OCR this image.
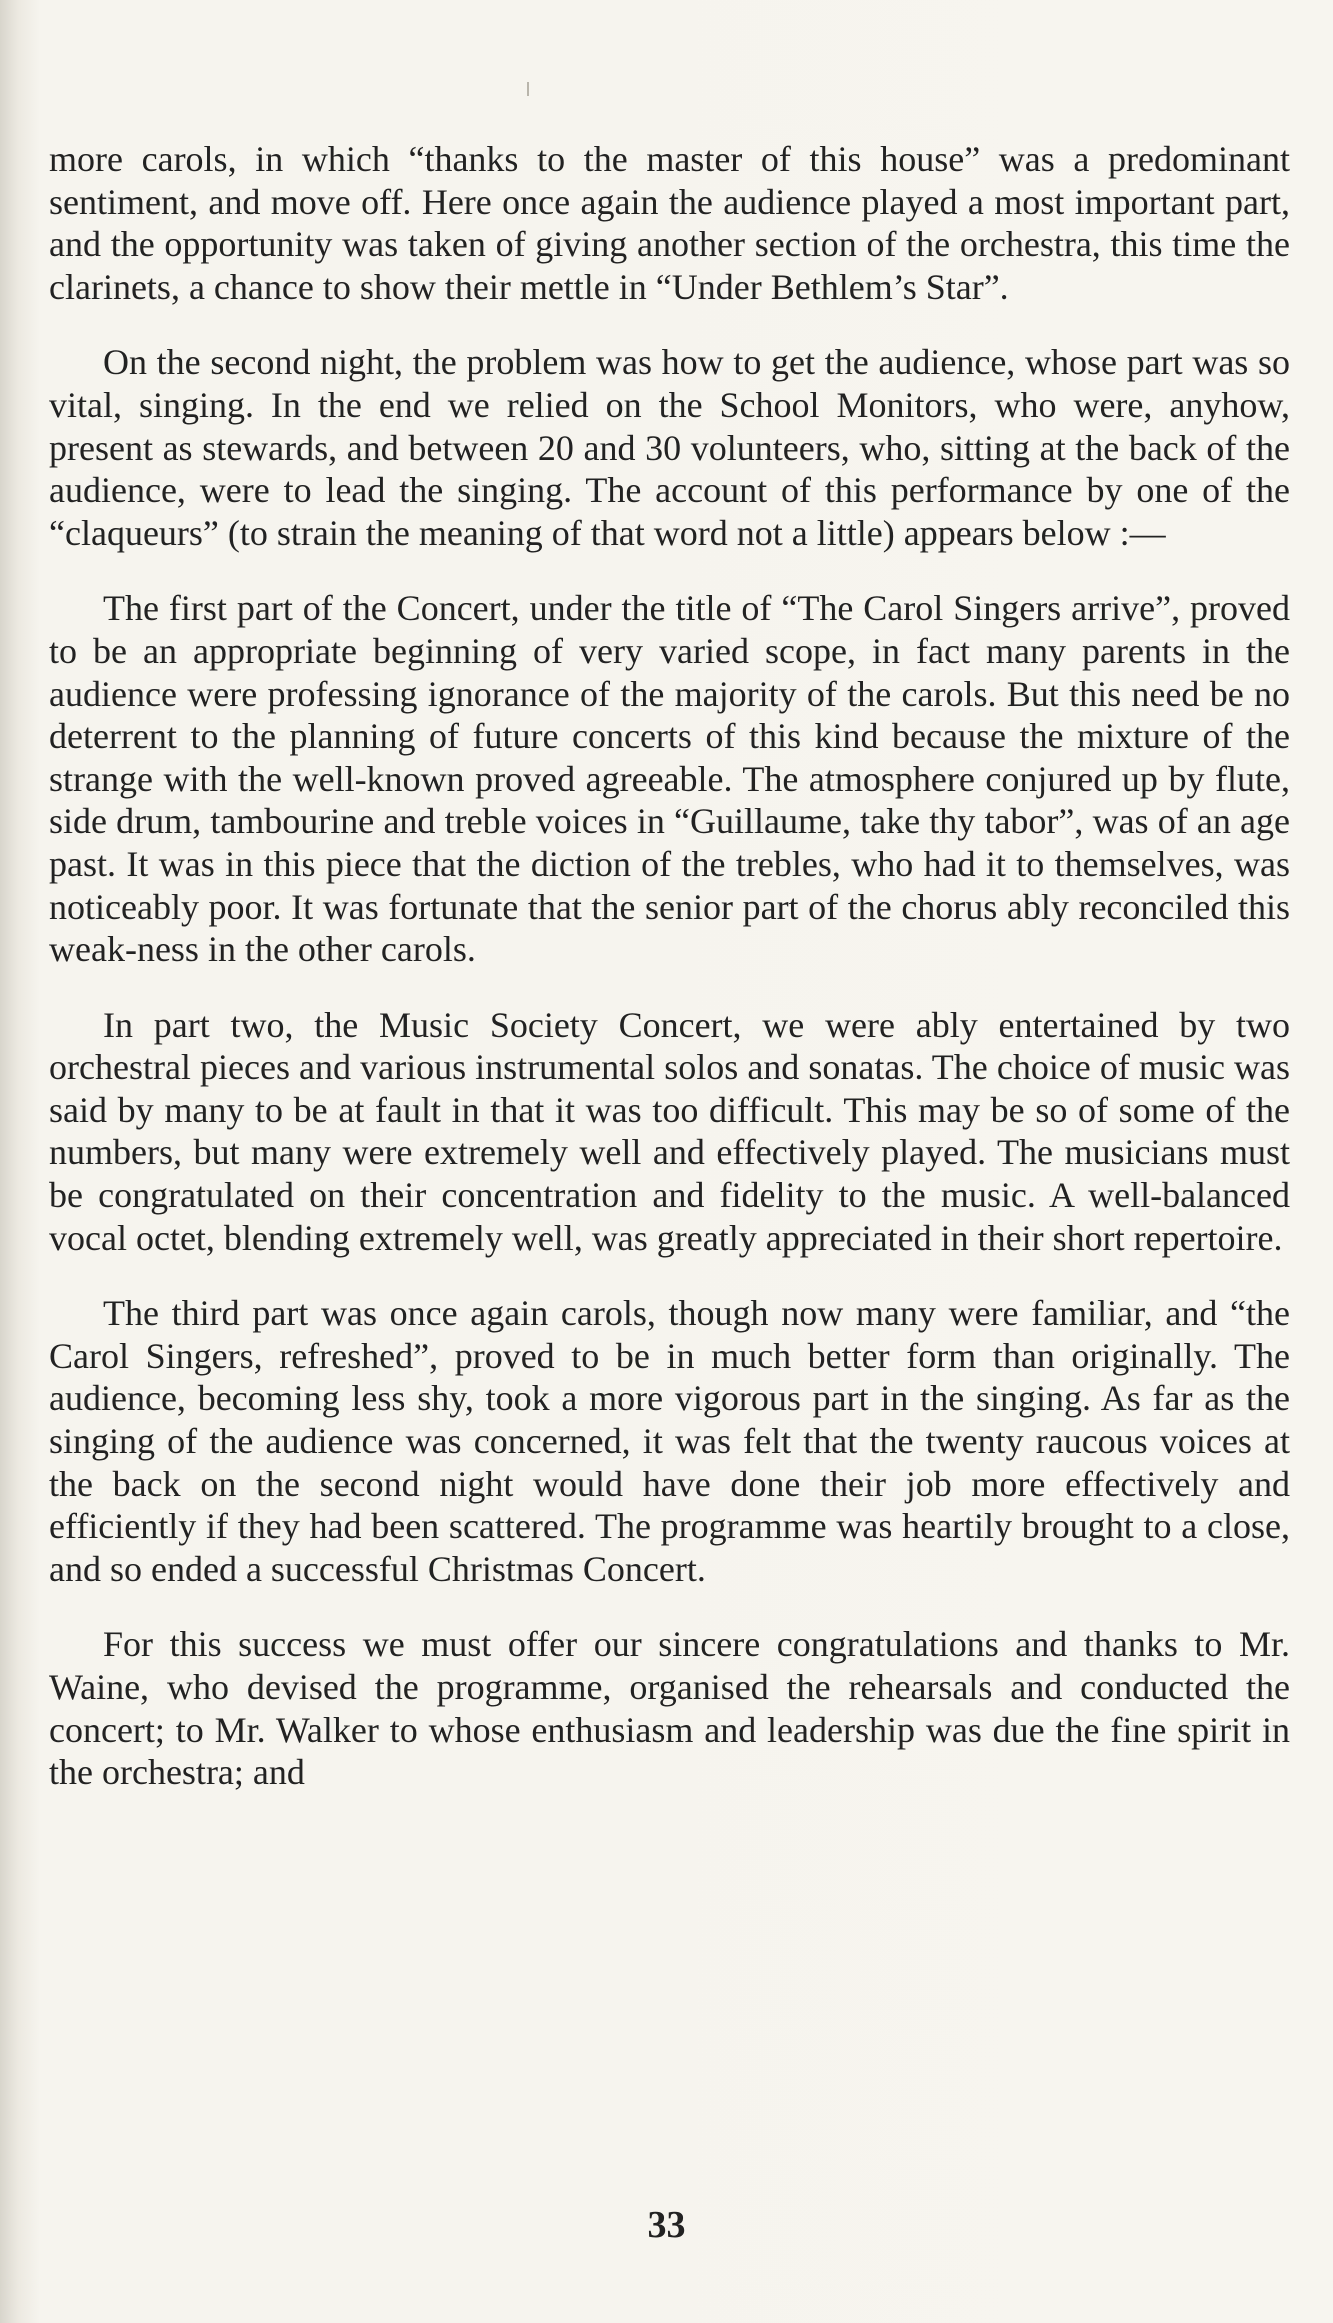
more carols, in which “thanks to the master of this house” was a predominant sentiment, and move off. Here once again the audience played a most important part, and the opportunity was taken of giving another section of the orchestra, this time the clarinets, a chance to show their mettle in “Under Bethlem’s Star”.

On the second night, the problem was how to get the audience, whose part was so vital, singing. In the end we relied on the School Monitors, who were, anyhow, present as stewards, and between 20 and 30 volunteers, who, sitting at the back of the audience, were to lead the singing. The account of this performance by one of the “claqueurs” (to strain the meaning of that word not a little) appears below :—

The first part of the Concert, under the title of “The Carol Singers arrive”, proved to be an appropriate beginning of very varied scope, in fact many parents in the audience were professing ignorance of the majority of the carols. But this need be no deterrent to the planning of future concerts of this kind because the mixture of the strange with the well-known proved agreeable. The atmosphere conjured up by flute, side drum, tambourine and treble voices in “Guillaume, take thy tabor”, was of an age past. It was in this piece that the diction of the trebles, who had it to themselves, was noticeably poor. It was fortunate that the senior part of the chorus ably reconciled this weak-ness in the other carols.

In part two, the Music Society Concert, we were ably entertained by two orchestral pieces and various instrumental solos and sonatas. The choice of music was said by many to be at fault in that it was too difficult. This may be so of some of the numbers, but many were extremely well and effectively played. The musicians must be congratulated on their concentration and fidelity to the music. A well-balanced vocal octet, blending extremely well, was greatly appreciated in their short repertoire.

The third part was once again carols, though now many were familiar, and “the Carol Singers, refreshed”, proved to be in much better form than originally. The audience, becoming less shy, took a more vigorous part in the singing. As far as the singing of the audience was concerned, it was felt that the twenty raucous voices at the back on the second night would have done their job more effectively and efficiently if they had been scattered. The programme was heartily brought to a close, and so ended a successful Christmas Concert.

For this success we must offer our sincere congratulations and thanks to Mr. Waine, who devised the programme, organised the rehearsals and conducted the concert; to Mr. Walker to whose enthusiasm and leadership was due the fine spirit in the orchestra; and

33
